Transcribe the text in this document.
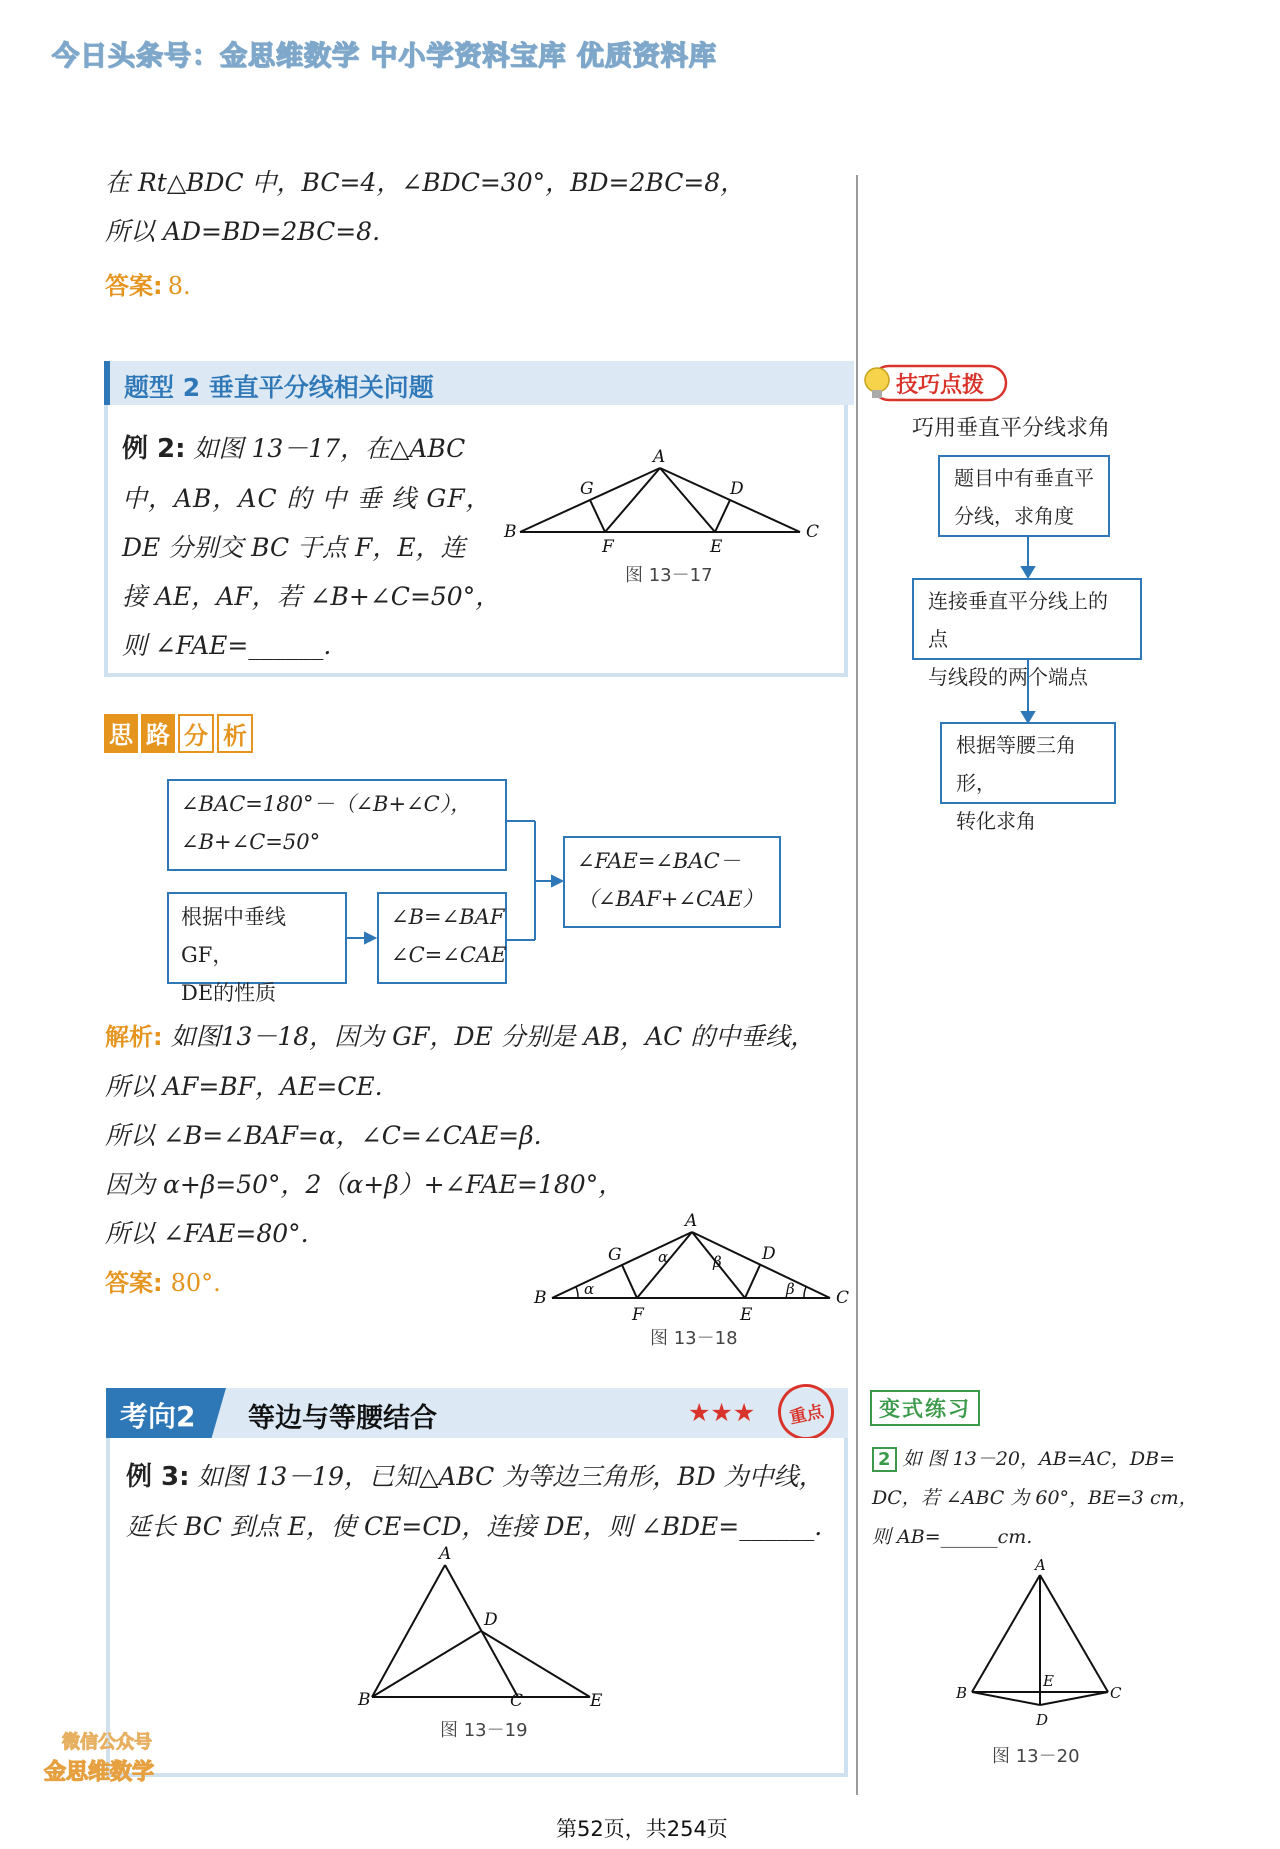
今日头条号：金思维数学 中小学资料宝库 优质资料库
在 Rt△BDC 中，BC=4，∠BDC=30°，BD=2BC=8，
所以 AD=BD=2BC=8.
答案: 8.
题型 2 垂直平分线相关问题
例 2: 如图 13－17，在△ABC
中，AB，AC 的 中 垂 线 GF，
DE 分别交 BC 于点 F，E，连
接 AE，AF，若 ∠B+∠C=50°，
则 ∠FAE=______.
A
B	C
D
E
F
G
图 13－17
思 路 分 析
∠BAC=180°－（∠B+∠C），
∠B+∠C=50°
根据中垂线GF，
DE的性质
∠B=∠BAF
∠C=∠CAE
∠FAE=∠BAC－
（∠BAF+∠CAE）
解析: 如图13－18，因为 GF，DE 分别是 AB，AC 的中垂线，
所以 AF=BF，AE=CE.
所以 ∠B=∠BAF=α，∠C=∠CAE=β.
因为 α+β=50°，2（α+β）+∠FAE=180°，
所以 ∠FAE=80°.
答案: 80°.
A
B	C
D
E
F
G
α
α	β
β
图 13－18
技巧点拨
巧用垂直平分线求角
题目中有垂直平
分线，求角度
连接垂直平分线上的点
与线段的两个端点
根据等腰三角形，
转化求角
考向2 等边与等腰结合	★★★ 重点
例 3: 如图 13－19，已知△ABC 为等边三角形，BD 为中线，
延长 BC 到点 E，使 CE=CD，连接 DE，则 ∠BDE=______.
A
B	C
D
E
图 13－19
变式练习
2 如 图 13－20，AB=AC，DB=
DC，若 ∠ABC 为 60°，BE=3 cm，
则 AB=______cm.
A
B	C
D
E
图 13－20
微信公众号
金思维数学
第52页，共254页
